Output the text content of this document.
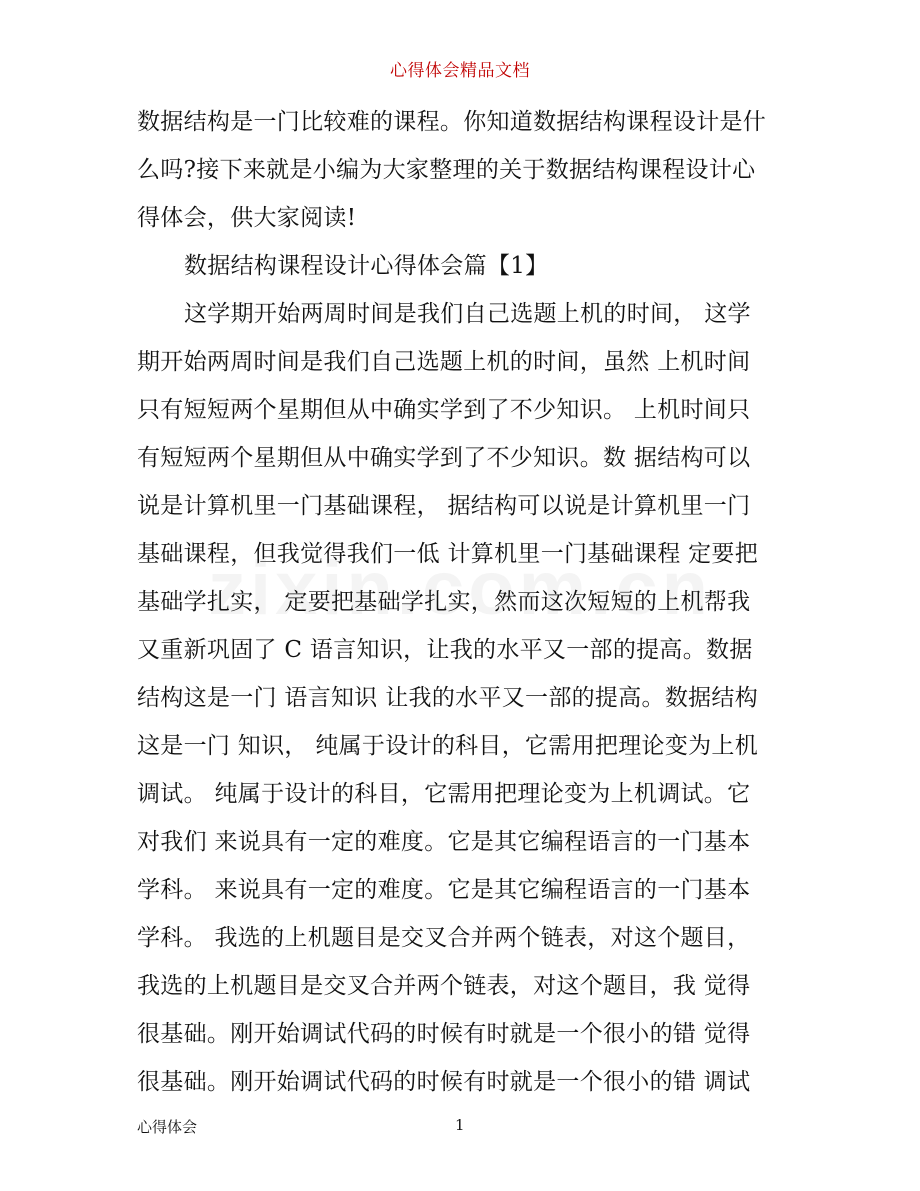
心得体会精品文档
数据结构是一门比较难的课程。你知道数据结构课程设计是什
么吗?接下来就是小编为大家整理的关于数据结构课程设计心
得体会，供大家阅读!
数据结构课程设计心得体会篇【1】
这学期开始两周时间是我们自己选题上机的时间， 这学
期开始两周时间是我们自己选题上机的时间，虽然 上机时间
只有短短两个星期但从中确实学到了不少知识。 上机时间只
有短短两个星期但从中确实学到了不少知识。数 据结构可以
说是计算机里一门基础课程， 据结构可以说是计算机里一门
基础课程，但我觉得我们一低 计算机里一门基础课程 定要把
基础学扎实， 定要把基础学扎实，然而这次短短的上机帮我
又重新巩固了 C 语言知识，让我的水平又一部的提高。数据
结构这是一门 语言知识 让我的水平又一部的提高。数据结构
这是一门 知识， 纯属于设计的科目，它需用把理论变为上机
调试。 纯属于设计的科目，它需用把理论变为上机调试。它
对我们 来说具有一定的难度。它是其它编程语言的一门基本
学科。 来说具有一定的难度。它是其它编程语言的一门基本
学科。 我选的上机题目是交叉合并两个链表，对这个题目，
我选的上机题目是交叉合并两个链表，对这个题目，我 觉得
很基础。刚开始调试代码的时候有时就是一个很小的错 觉得
很基础。刚开始调试代码的时候有时就是一个很小的错 调试
心得体会	1
